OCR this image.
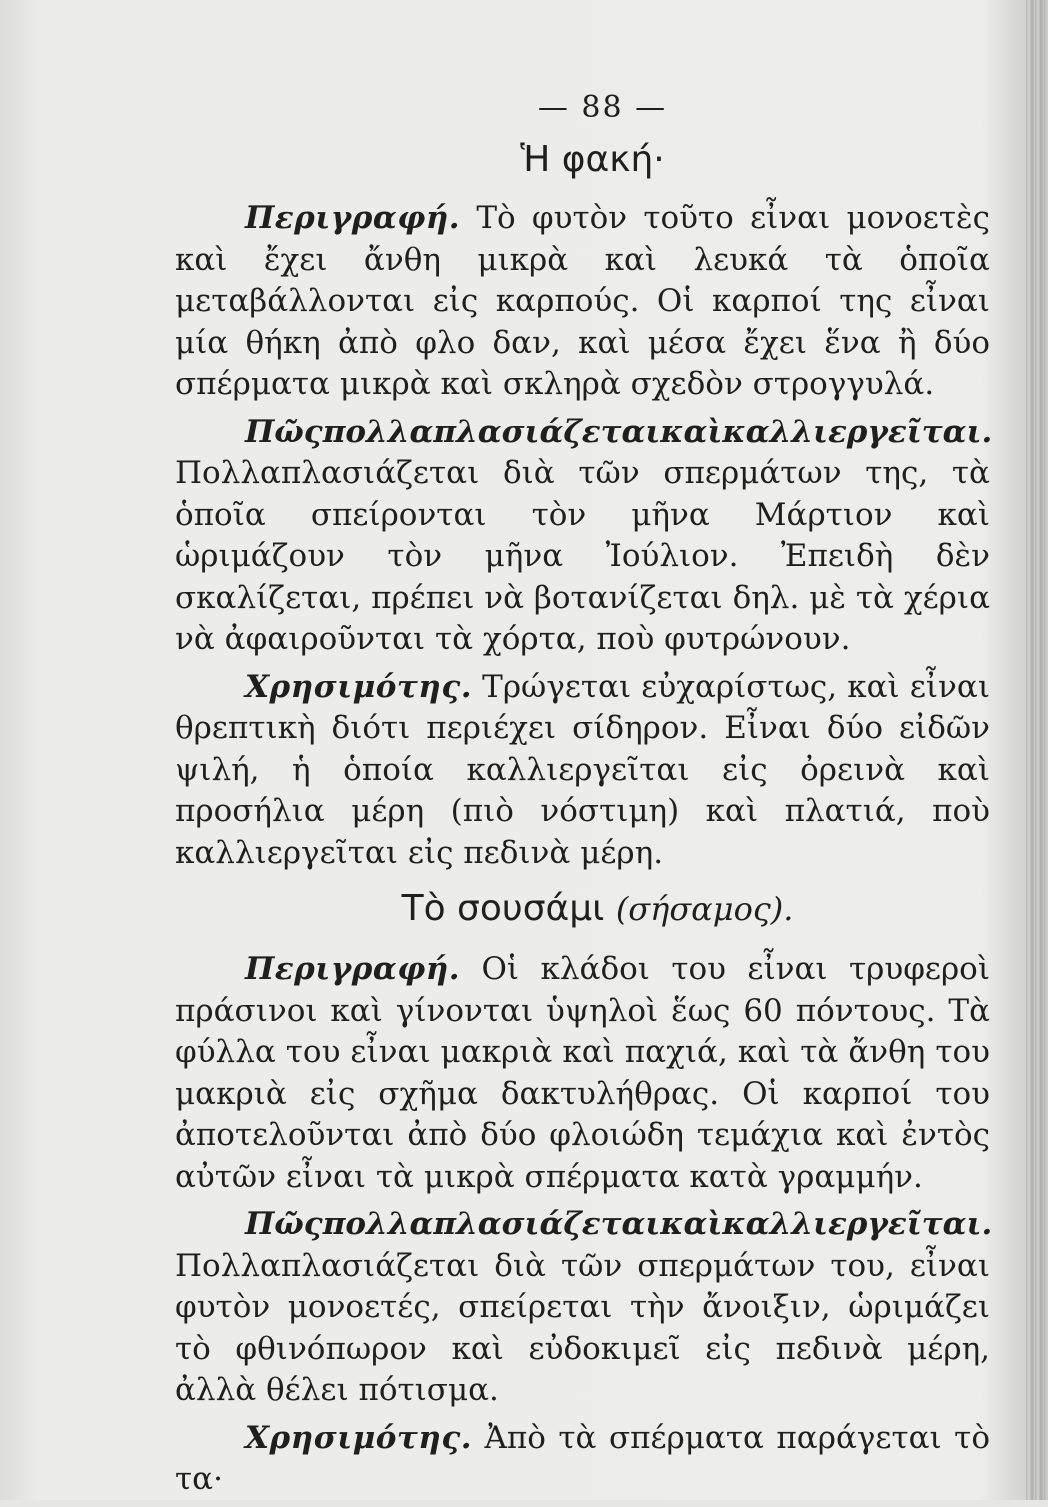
— 88 —
Ἡ φακή·

Περιγραφή. Τὸ φυτὸν τοῦτο εἶναι μονοετὲς καὶ ἔχει ἄνθη μικρὰ καὶ λευκά τὰ ὁποῖα μεταβάλλονται εἰς καρπούς. Οἱ καρποί της εἶναι μία θήκη ἀπὸ φλο δαν, καὶ μέσα ἔχει ἕνα ἢ δύο σπέρματα μικρὰ καὶ σκληρὰ σχεδὸν στρογγυλά.

Πῶς πολλαπλασιάζεται καὶ καλλιεργεῖται.

Πολλαπλασιάζεται διὰ τῶν σπερμάτων της, τὰ ὁποῖα σπείρονται τὸν μῆνα Μάρτιον καὶ ὡριμάζουν τὸν μῆνα Ἰούλιον. Ἐπειδὴ δὲν σκαλίζεται, πρέπει νὰ βοτανίζεται δηλ. μὲ τὰ χέρια νὰ ἀφαιροῦνται τὰ χόρτα, ποὺ φυτρώνουν.

Χρησιμότης. Τρώγεται εὐχαρίστως, καὶ εἶναι θρεπτικὴ διότι περιέχει σίδηρον. Εἶναι δύο εἰδῶν ψιλή, ἡ ὁποία καλλιεργεῖται εἰς ὀρεινὰ καὶ προσήλια μέρη (πιὸ νόστιμη) καὶ πλατιά, ποὺ καλλιεργεῖται εἰς πεδινὰ μέρη.

Τὸ σουσάμι (σήσαμος).

Περιγραφή. Οἱ κλάδοι του εἶναι τρυφεροὶ πράσινοι καὶ γίνονται ὑψηλοὶ ἕως 60 πόντους. Τὰ φύλλα του εἶναι μακριὰ καὶ παχιά, καὶ τὰ ἄνθη του μακριὰ εἰς σχῆμα δακτυλήθρας. Οἱ καρποί του ἀποτελοῦνται ἀπὸ δύο φλοιώδη τεμάχια καὶ ἐντὸς αὐτῶν εἶναι τὰ μικρὰ σπέρματα κατὰ γραμμήν.

Πῶς πολλαπλασιάζεται καὶ καλλιεργεῖται.

Πολλαπλασιάζεται διὰ τῶν σπερμάτων του, εἶναι φυτὸν μονοετές, σπείρεται τὴν ἄνοιξιν, ὡριμάζει τὸ φθινόπωρον καὶ εὐδοκιμεῖ εἰς πεδινὰ μέρη, ἀλλὰ θέλει πότισμα.

Χρησιμότης. Ἀπὸ τὰ σπέρματα παράγεται τὸ τα·
